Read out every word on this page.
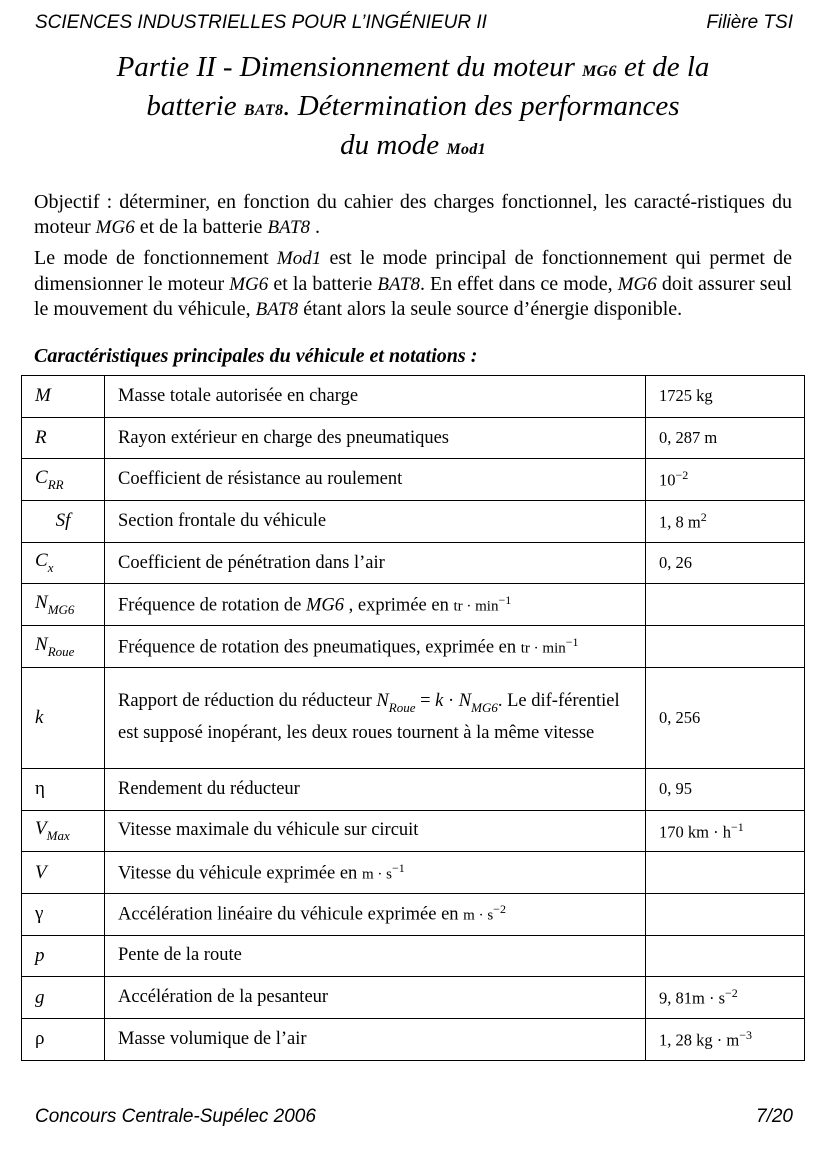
SCIENCES INDUSTRIELLES POUR L’INGÉNIEUR II	Filière TSI
Partie II - Dimensionnement du moteur MG6 et de la
batterie BAT8. Détermination des performances
du mode Mod1

Objectif : déterminer, en fonction du cahier des charges fonctionnel, les caracté-ristiques du moteur MG6 et de la batterie BAT8 .

Le mode de fonctionnement Mod1 est le mode principal de fonctionnement qui permet de dimensionner le moteur MG6 et la batterie BAT8. En effet dans ce mode, MG6 doit assurer seul le mouvement du véhicule, BAT8 étant alors la seule source d’énergie disponible.

Caractéristiques principales du véhicule et notations :
M	Masse totale autorisée en charge	1725 kg
R	Rayon extérieur en charge des pneumatiques	0, 287 m
$C_{RR}$	Coefficient de résistance au roulement	$10^{-2}$
Sf	Section frontale du véhicule	1, 8 $m^2$
$C_x$	Coefficient de pénétration dans l’air	0, 26
$N_{MG6}$	Fréquence de rotation de MG6 , exprimée en tr · $\min^{-1}$	
$N_{Roue}$	Fréquence de rotation des pneumatiques, exprimée en tr · $\min^{-1}$	
k	Rapport de réduction du réducteur $N_{Roue} = k \cdot N_{MG6}$. Le dif-férentiel est supposé inopérant, les deux roues tournent à la même vitesse	0, 256
η	Rendement du réducteur	0, 95
$V_{Max}$	Vitesse maximale du véhicule sur circuit	170 km · $h^{-1}$
V	Vitesse du véhicule exprimée en $m \cdot s^{-1}$	
γ	Accélération linéaire du véhicule exprimée en $m \cdot s^{-2}$	
p	Pente de la route	
g	Accélération de la pesanteur	9, $81m \cdot s^{-2}$
ρ	Masse volumique de l’air	1, 28 kg · $m^{-3}$
Concours Centrale-Supélec 2006	7/20
